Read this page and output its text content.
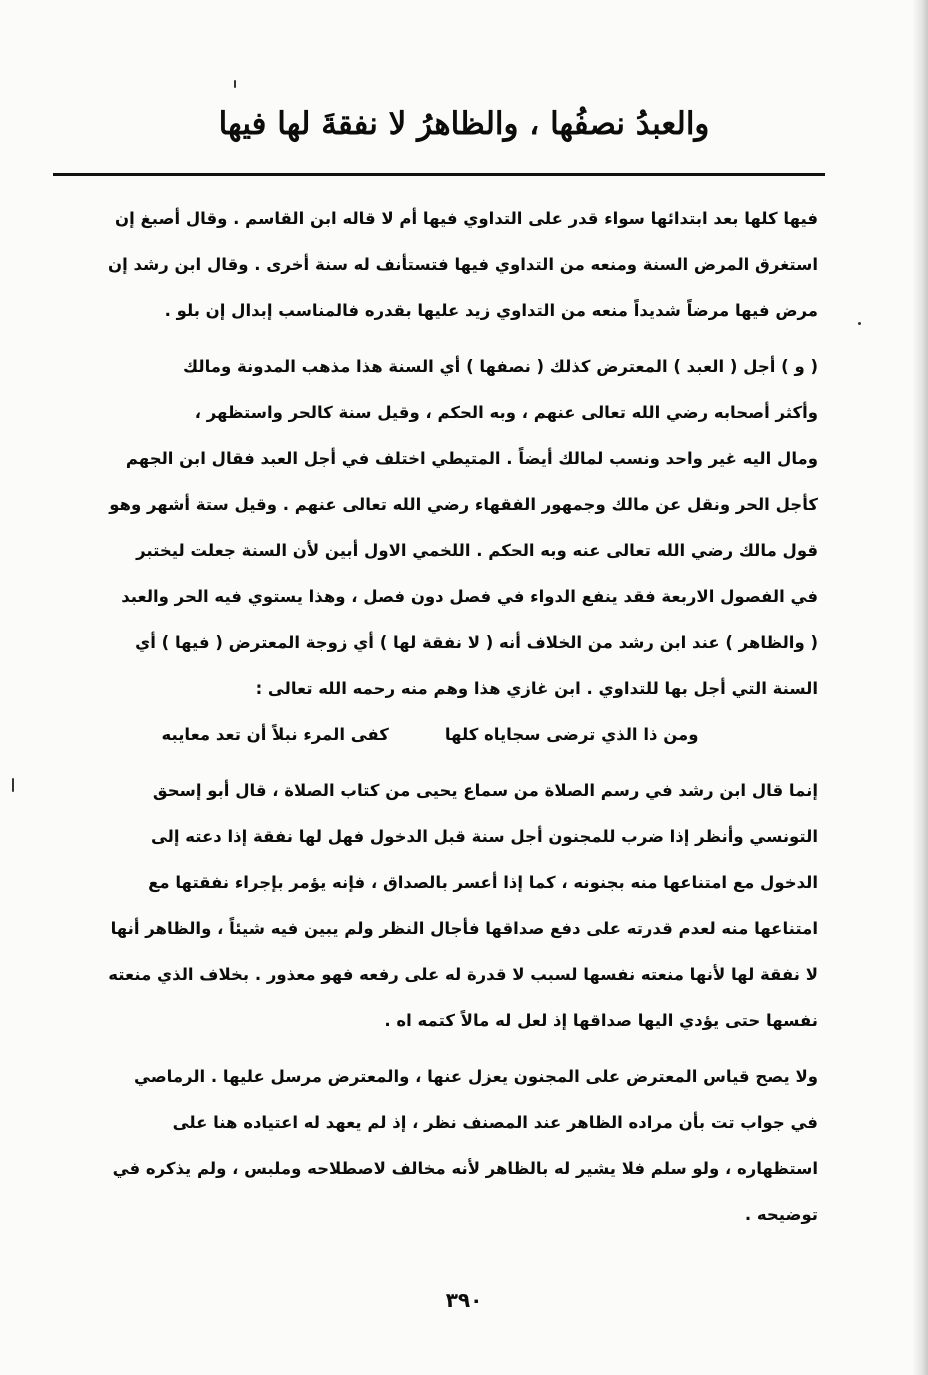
والعبدُ نصفُها ، والظاهرُ لا نفقةَ لها فيها
فيها كلها بعد ابتدائها سواء قدر على التداوي فيها أم لا قاله ابن القاسم . وقال أصبغ إن
استغرق المرض السنة ومنعه من التداوي فيها فتستأنف له سنة أخرى . وقال ابن رشد إن
مرض فيها مرضاً شديداً منعه من التداوي زيد عليها بقدره فالمناسب إبدال إن بلو .
( و ) أجل ( العبد ) المعترض كذلك ( نصفها ) أي السنة هذا مذهب المدونة ومالك
وأكثر أصحابه رضي الله تعالى عنهم ، وبه الحكم ، وقيل سنة كالحر واستظهر ،
ومال اليه غير واحد ونسب لمالك أيضاً . المتيطي اختلف في أجل العبد فقال ابن الجهم
كأجل الحر ونقل عن مالك وجمهور الفقهاء رضي الله تعالى عنهم . وقيل ستة أشهر وهو
قول مالك رضي الله تعالى عنه وبه الحكم . اللخمي الاول أبين لأن السنة جعلت ليختبر
في الفصول الاربعة فقد ينفع الدواء في فصل دون فصل ، وهذا يستوي فيه الحر والعبد
( والظاهر ) عند ابن رشد من الخلاف أنه ( لا نفقة لها ) أي زوجة المعترض ( فيها ) أي
السنة التي أجل بها للتداوي . ابن غازي هذا وهم منه رحمه الله تعالى :
ومن ذا الذي ترضى سجاياه كلها
كفى المرء نبلاً أن تعد معايبه
إنما قال ابن رشد في رسم الصلاة من سماع يحيى من كتاب الصلاة ، قال أبو إسحق
التونسي وأنظر إذا ضرب للمجنون أجل سنة قبل الدخول فهل لها نفقة إذا دعته إلى
الدخول مع امتناعها منه بجنونه ، كما إذا أعسر بالصداق ، فإنه يؤمر بإجراء نفقتها مع
امتناعها منه لعدم قدرته على دفع صداقها فأجال النظر ولم يبين فيه شيئاً ، والظاهر أنها
لا نفقة لها لأنها منعته نفسها لسبب لا قدرة له على رفعه فهو معذور . بخلاف الذي منعته
نفسها حتى يؤدي اليها صداقها إذ لعل له مالاً كتمه اه .
ولا يصح قياس المعترض على المجنون يعزل عنها ، والمعترض مرسل عليها . الرماصي
في جواب تت بأن مراده الظاهر عند المصنف نظر ، إذ لم يعهد له اعتياده هنا على
استظهاره ، ولو سلم فلا يشير له بالظاهر لأنه مخالف لاصطلاحه وملبس ، ولم يذكره في
توضيحه .
٣٩٠
